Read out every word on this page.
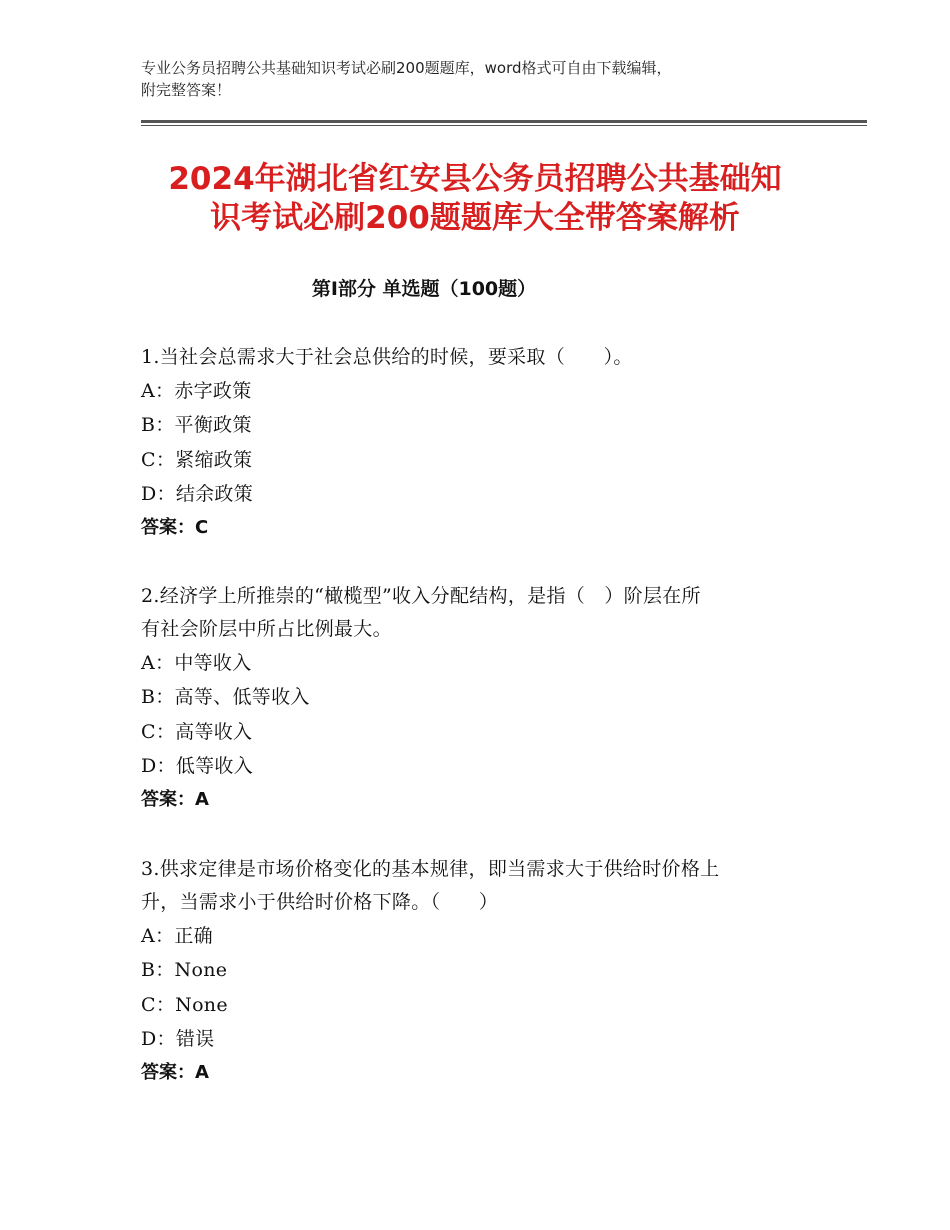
专业公务员招聘公共基础知识考试必刷200题题库，word格式可自由下载编辑，
附完整答案！
2024年湖北省红安县公务员招聘公共基础知
识考试必刷200题题库大全带答案解析
第Ⅰ部分 单选题（100题）
1.当社会总需求大于社会总供给的时候，要采取（　　）。
A：赤字政策
B：平衡政策
C：紧缩政策
D：结余政策
答案：C
2.经济学上所推崇的“橄榄型”收入分配结构，是指（　）阶层在所
有社会阶层中所占比例最大。
A：中等收入
B：高等、低等收入
C：高等收入
D：低等收入
答案：A
3.供求定律是市场价格变化的基本规律，即当需求大于供给时价格上
升，当需求小于供给时价格下降。（　　）
A：正确
B：None
C：None
D：错误
答案：A
